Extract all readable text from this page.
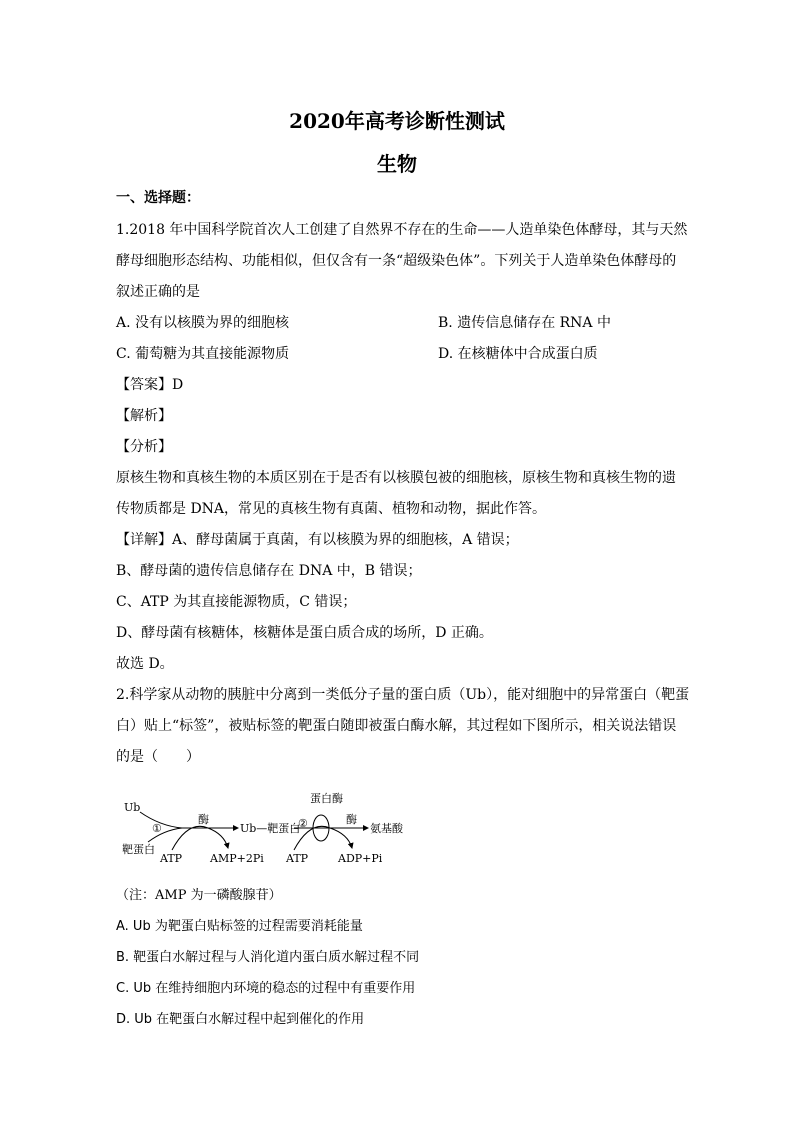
2020年高考诊断性测试
生物
一、选择题：
1.2018 年中国科学院首次人工创建了自然界不存在的生命——人造单染色体酵母，其与天然
酵母细胞形态结构、功能相似，但仅含有一条“超级染色体”。下列关于人造单染色体酵母的
叙述正确的是
A. 没有以核膜为界的细胞核	B. 遗传信息储存在 RNA 中
C. 葡萄糖为其直接能源物质	D. 在核糖体中合成蛋白质
【答案】D
【解析】
【分析】
原核生物和真核生物的本质区别在于是否有以核膜包被的细胞核，原核生物和真核生物的遗
传物质都是 DNA，常见的真核生物有真菌、植物和动物，据此作答。
【详解】A、酵母菌属于真菌，有以核膜为界的细胞核，A 错误；
B、酵母菌的遗传信息储存在 DNA 中，B 错误；
C、ATP 为其直接能源物质，C 错误；
D、酵母菌有核糖体，核糖体是蛋白质合成的场所，D 正确。
故选 D。
2.科学家从动物的胰脏中分离到一类低分子量的蛋白质（Ub），能对细胞中的异常蛋白（靶蛋
白）贴上“标签”，被贴标签的靶蛋白随即被蛋白酶水解，其过程如下图所示，相关说法错误
的是（　　）
Ub
靶蛋白
①
酶
ATP	AMP+2Pi
Ub—靶蛋白
②
蛋白酶
酶
ATP	ADP+Pi
氨基酸
（注：AMP 为一磷酸腺苷）
A. Ub 为靶蛋白贴标签的过程需要消耗能量
B. 靶蛋白水解过程与人消化道内蛋白质水解过程不同
C. Ub 在维持细胞内环境的稳态的过程中有重要作用
D. Ub 在靶蛋白水解过程中起到催化的作用
